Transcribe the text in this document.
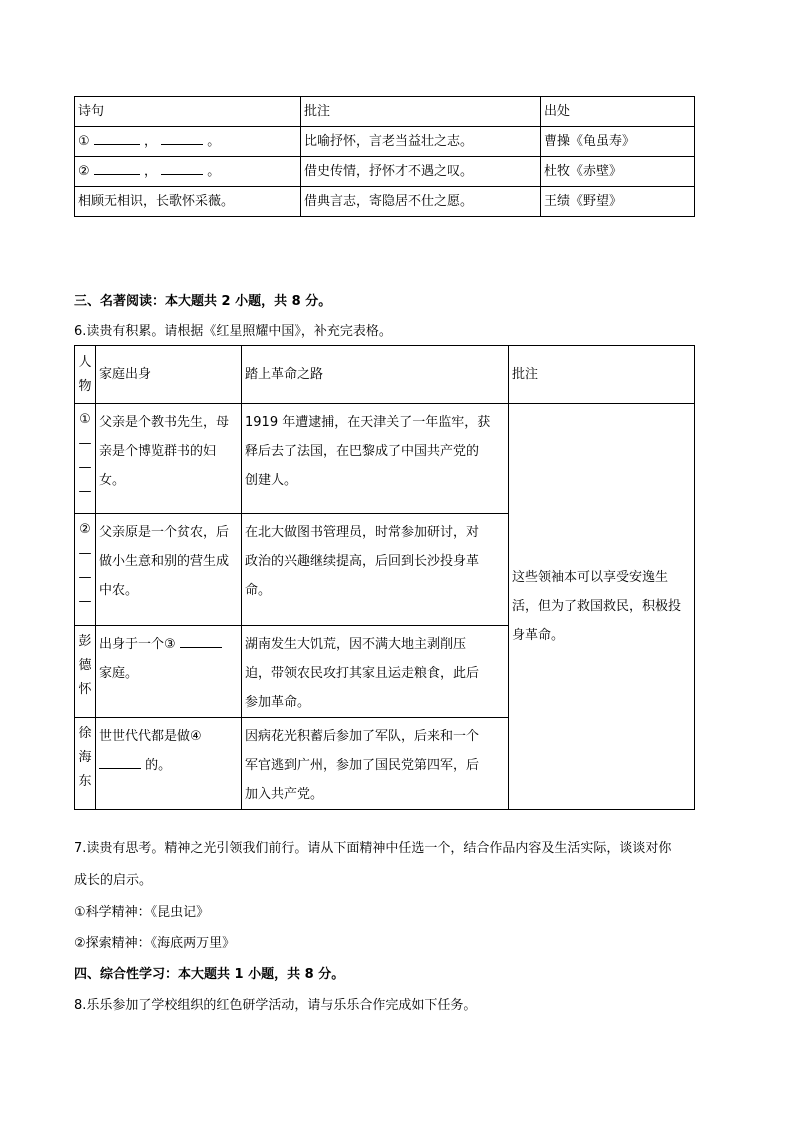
诗句	批注	出处
① ， 。	比喻抒怀，言老当益壮之志。	曹操《龟虽寿》
② ， 。	借史传情，抒怀才不遇之叹。	杜牧《赤壁》
相顾无相识，长歌怀采薇。	借典言志，寄隐居不仕之愿。	王绩《野望》
三、名著阅读：本大题共 2 小题，共 8 分。
6.读贵有积累。请根据《红星照耀中国》，补充完表格。
人
物	家庭出身	踏上革命之路	批注

①
—
—
—	父亲是个教书先生，母
亲是个博览群书的妇
女。	1919 年遭逮捕，在天津关了一年监牢，获
释后去了法国，在巴黎成了中国共产党的
创建人。	这些领袖本可以享受安逸生
活，但为了救国救民，积极投
身革命。

②
—
—
—	父亲原是一个贫农，后
做小生意和别的营生成
中农。	在北大做图书管理员，时常参加研讨，对
政治的兴趣继续提高，后回到长沙投身革
命。	

彭
德
怀	出身于一个③
家庭。	湖南发生大饥荒，因不满大地主剥削压
迫，带领农民攻打其家且运走粮食，此后
参加革命。	

徐
海
东	世世代代都是做④
的。	因病花光积蓄后参加了军队，后来和一个
军官逃到广州，参加了国民党第四军，后
加入共产党。	
7.读贵有思考。精神之光引领我们前行。请从下面精神中任选一个，结合作品内容及生活实际，谈谈对你
成长的启示。
①科学精神：《昆虫记》
②探索精神：《海底两万里》
四、综合性学习：本大题共 1 小题，共 8 分。
8.乐乐参加了学校组织的红色研学活动，请与乐乐合作完成如下任务。
